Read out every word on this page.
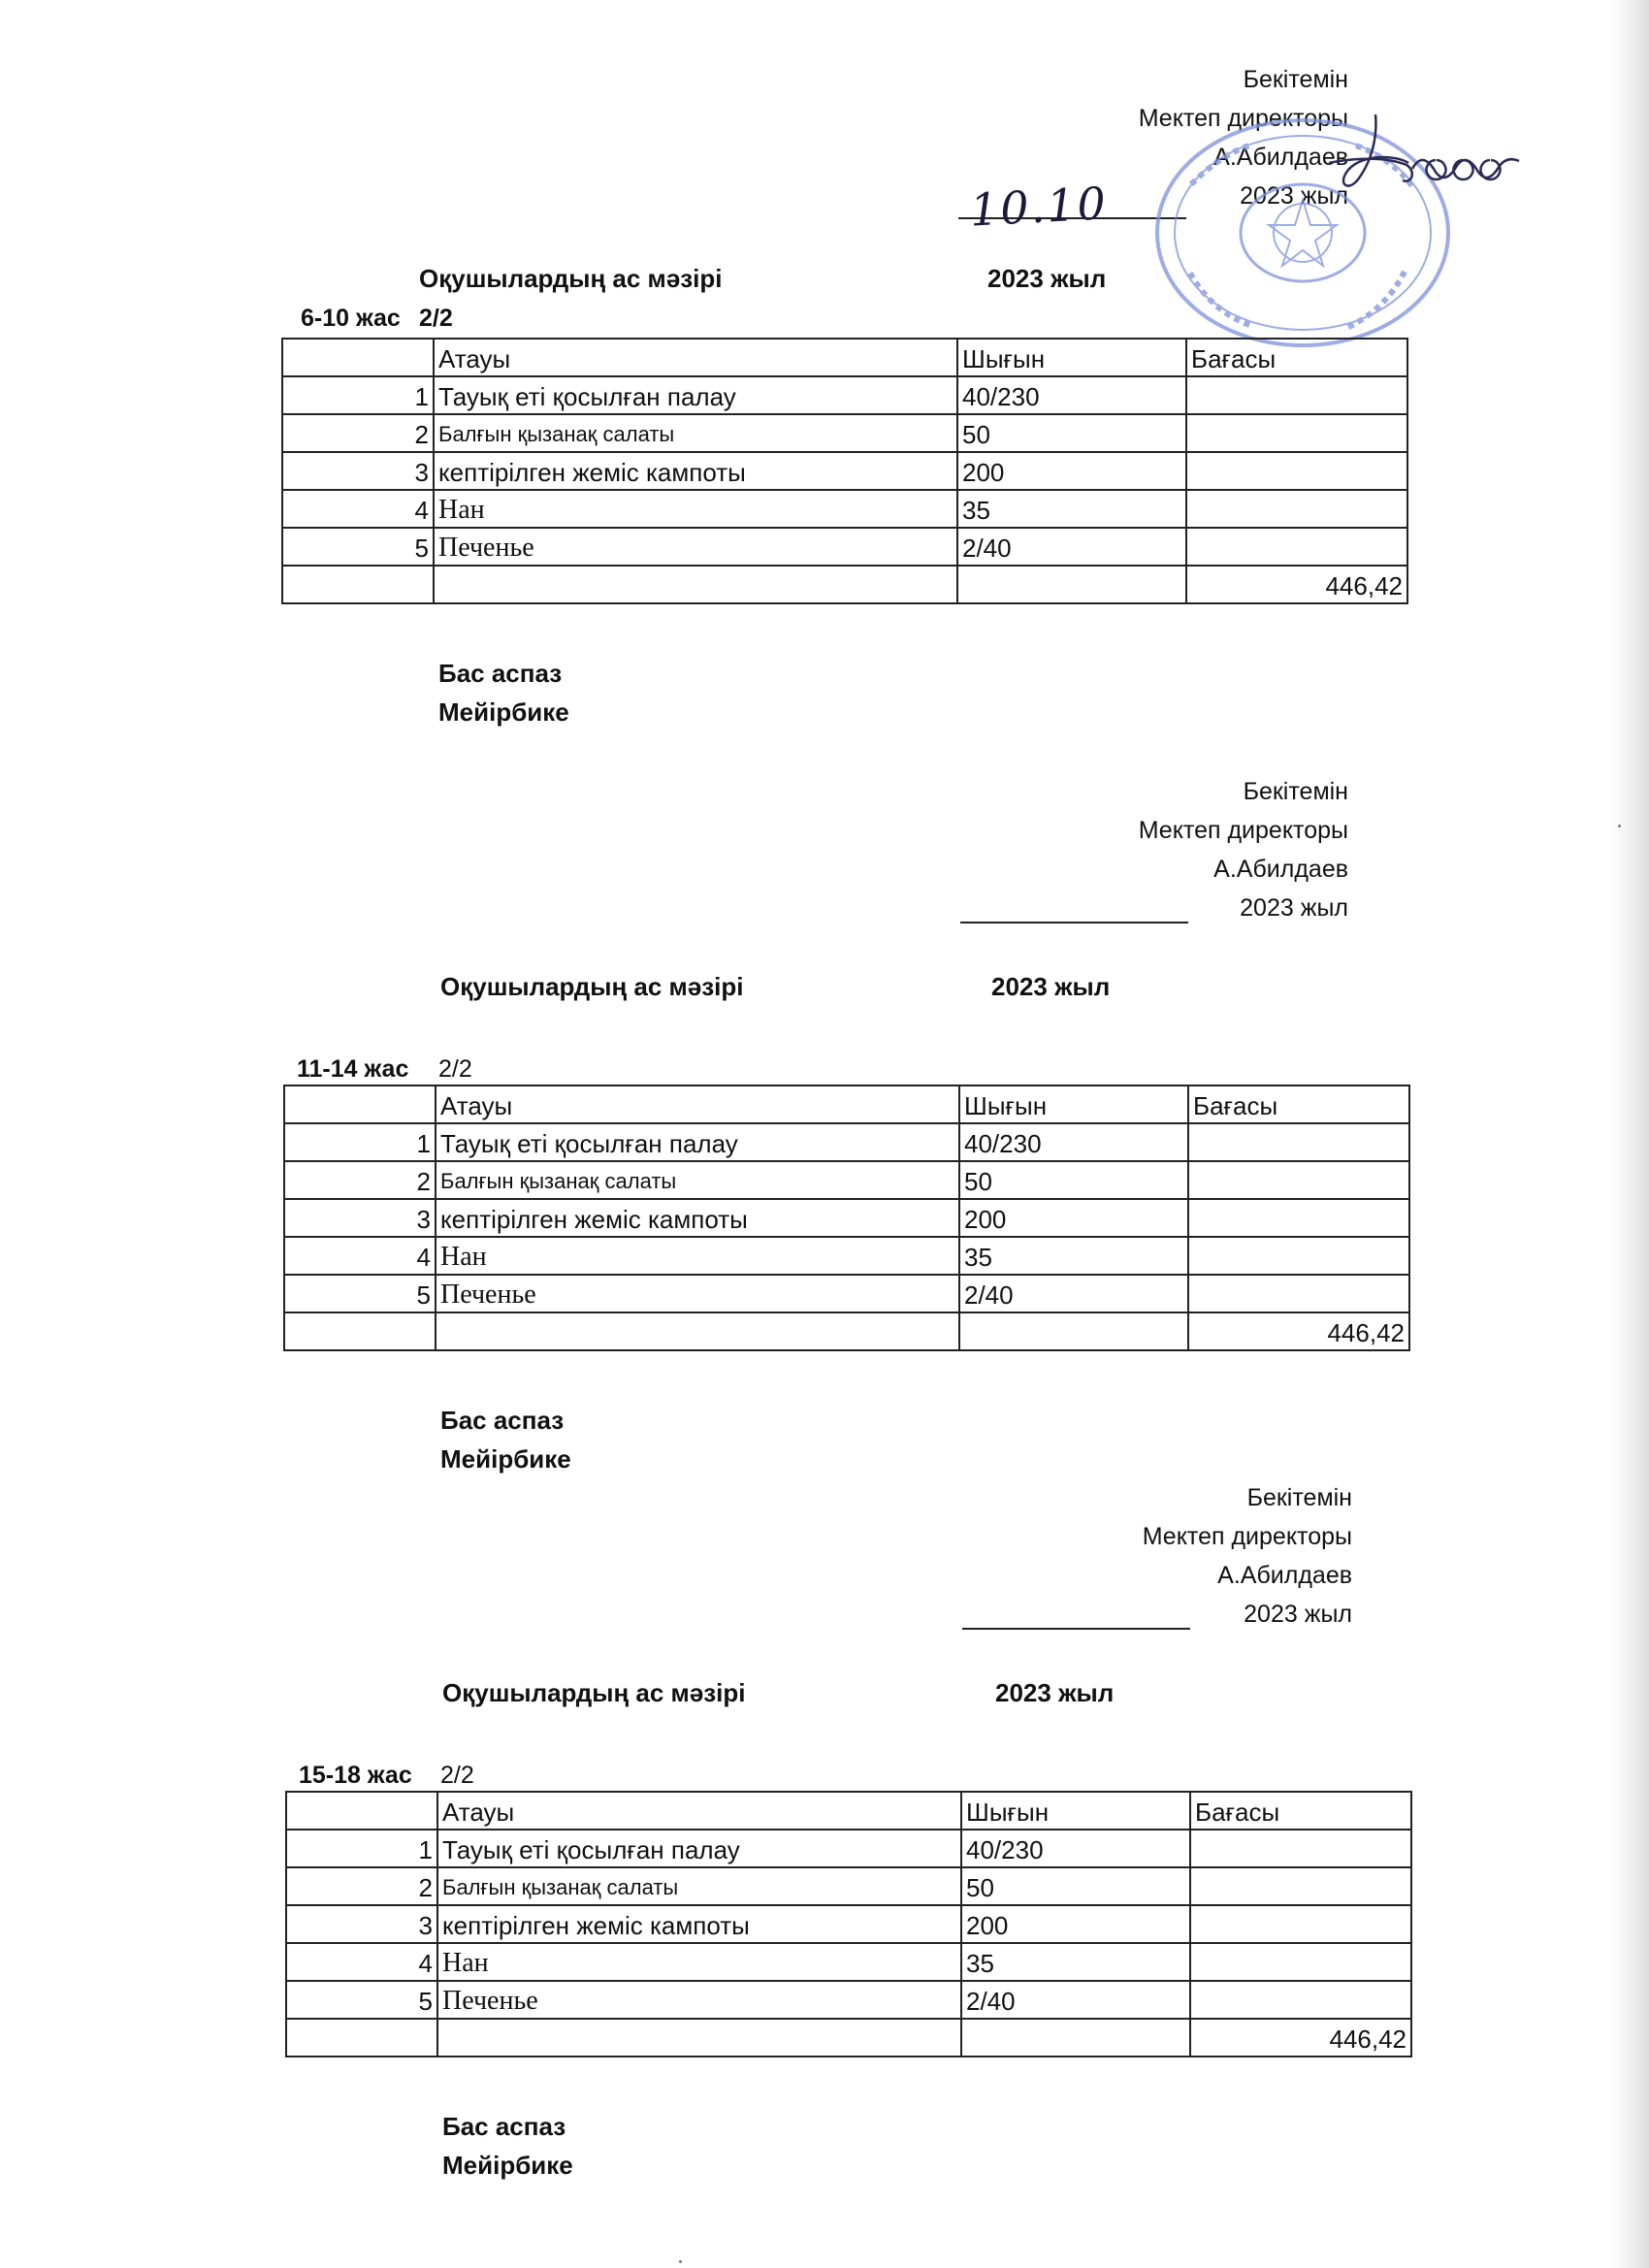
Бекітемін
Мектеп директоры
А.Абилдаев
2023 жыл
10.10
Оқушылардың ас мәзірі	2023 жыл
6-10 жас 2/2
	Атауы	Шығын	Бағасы
1	Тауық еті қосылған палау	40/230	
2	Балғын қызанақ салаты	50	
3	кептірілген жеміс кампоты	200	
4	Нан	35	
5	Печенье	2/40	
			446,42
Бас аспаз
Мейірбике
Бекітемін
Мектеп директоры
А.Абилдаев
2023 жыл
Оқушылардың ас мәзірі	2023 жыл
11-14 жас 2/2
	Атауы	Шығын	Бағасы
1	Тауық еті қосылған палау	40/230	
2	Балғын қызанақ салаты	50	
3	кептірілген жеміс кампоты	200	
4	Нан	35	
5	Печенье	2/40	
			446,42
Бас аспаз
Мейірбике
Бекітемін
Мектеп директоры
А.Абилдаев
2023 жыл
Оқушылардың ас мәзірі	2023 жыл
15-18 жас 2/2
	Атауы	Шығын	Бағасы
1	Тауық еті қосылған палау	40/230	
2	Балғын қызанақ салаты	50	
3	кептірілген жеміс кампоты	200	
4	Нан	35	
5	Печенье	2/40	
			446,42
Бас аспаз
Мейірбике
